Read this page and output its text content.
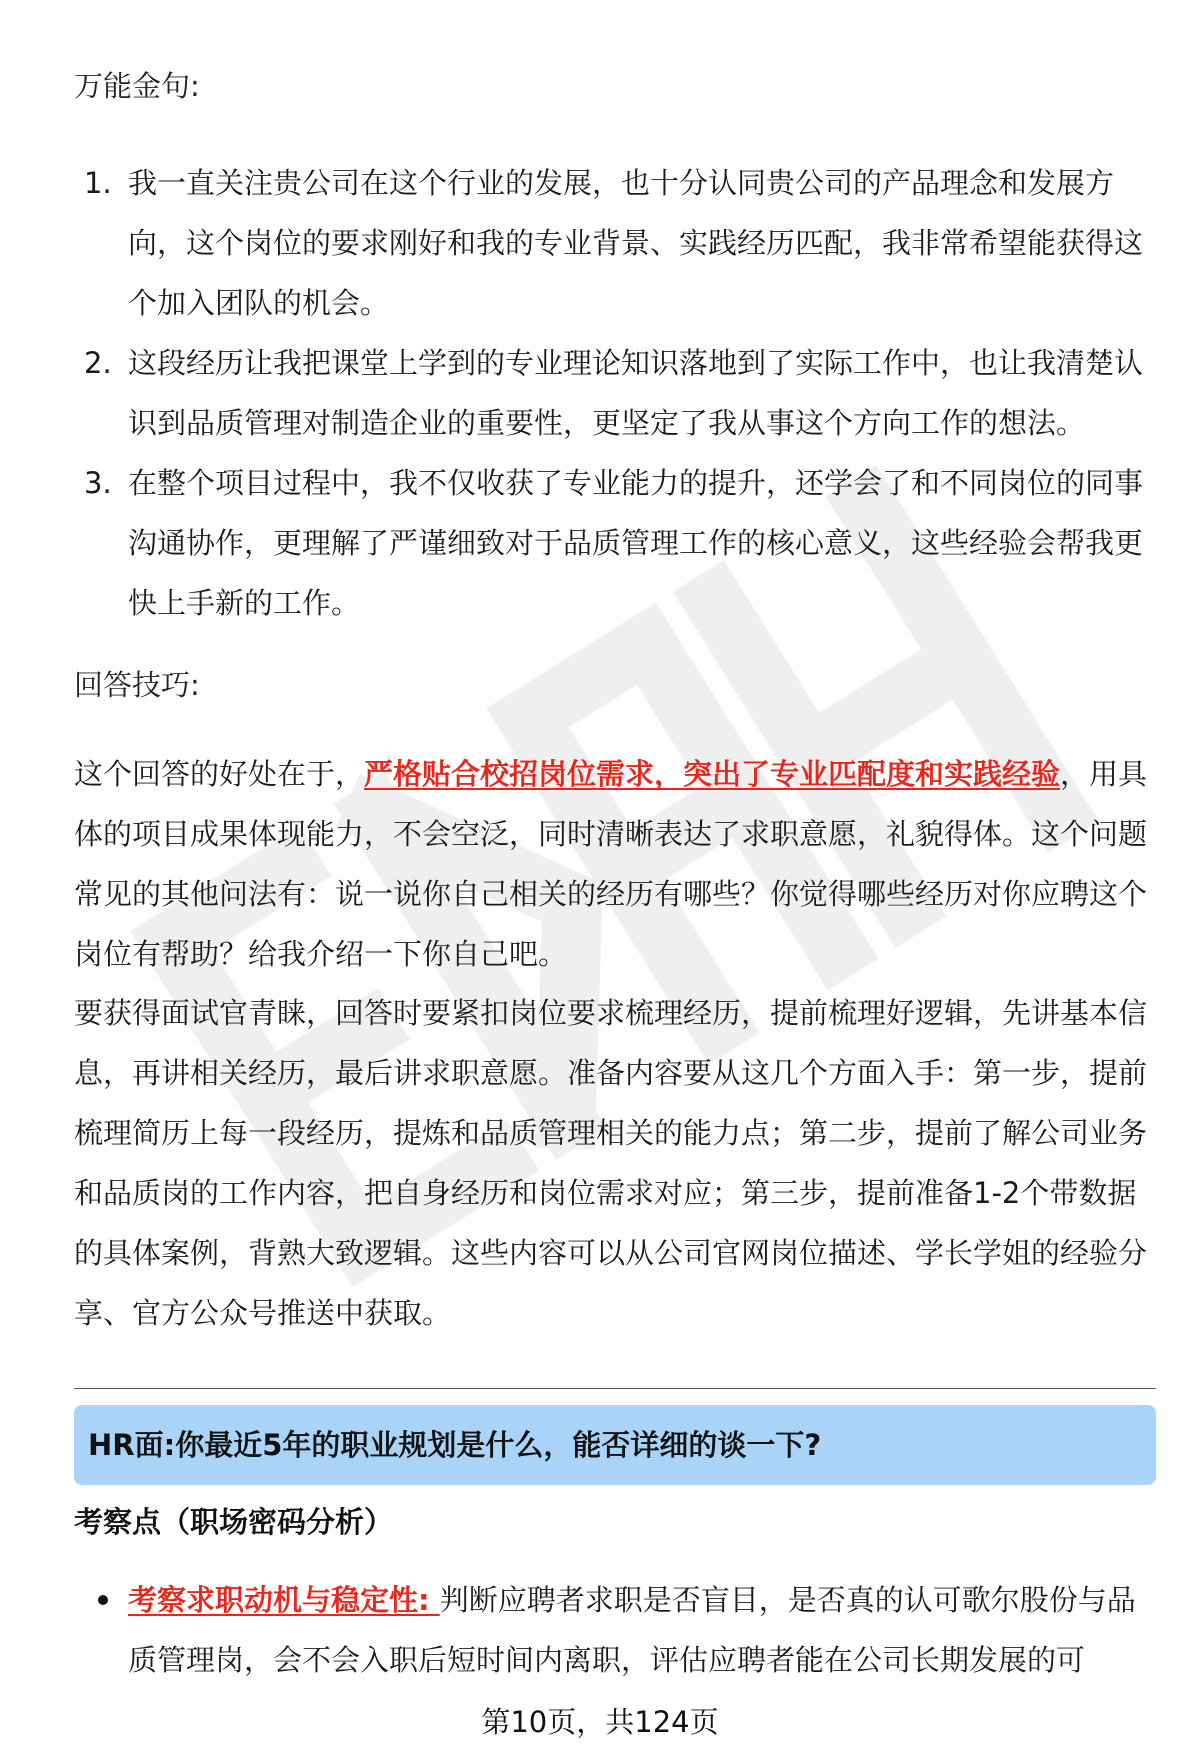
万能金句:
1. 我一直关注贵公司在这个行业的发展，也十分认同贵公司的产品理念和发展方向，这个岗位的要求刚好和我的专业背景、实践经历匹配，我非常希望能获得这个加入团队的机会。
2. 这段经历让我把课堂上学到的专业理论知识落地到了实际工作中，也让我清楚认识到品质管理对制造企业的重要性，更坚定了我从事这个方向工作的想法。
3. 在整个项目过程中，我不仅收获了专业能力的提升，还学会了和不同岗位的同事沟通协作，更理解了严谨细致对于品质管理工作的核心意义，这些经验会帮我更快上手新的工作。
回答技巧:

这个回答的好处在于，严格贴合校招岗位需求，突出了专业匹配度和实践经验，用具体的项目成果体现能力，不会空泛，同时清晰表达了求职意愿，礼貌得体。这个问题常见的其他问法有：说一说你自己相关的经历有哪些？你觉得哪些经历对你应聘这个岗位有帮助？给我介绍一下你自己吧。

要获得面试官青睐，回答时要紧扣岗位要求梳理经历，提前梳理好逻辑，先讲基本信息，再讲相关经历，最后讲求职意愿。准备内容要从这几个方面入手：第一步，提前梳理简历上每一段经历，提炼和品质管理相关的能力点；第二步，提前了解公司业务和品质岗的工作内容，把自身经历和岗位需求对应；第三步，提前准备1-2个带数据的具体案例，背熟大致逻辑。这些内容可以从公司官网岗位描述、学长学姐的经验分享、官方公众号推送中获取。

HR面:你最近5年的职业规划是什么，能否详细的谈一下?
考察点（职场密码分析）
考察求职动机与稳定性: 判断应聘者求职是否盲目，是否真的认可歌尔股份与品质管理岗，会不会入职后短时间内离职，评估应聘者能在公司长期发展的可
第10页，共124页
